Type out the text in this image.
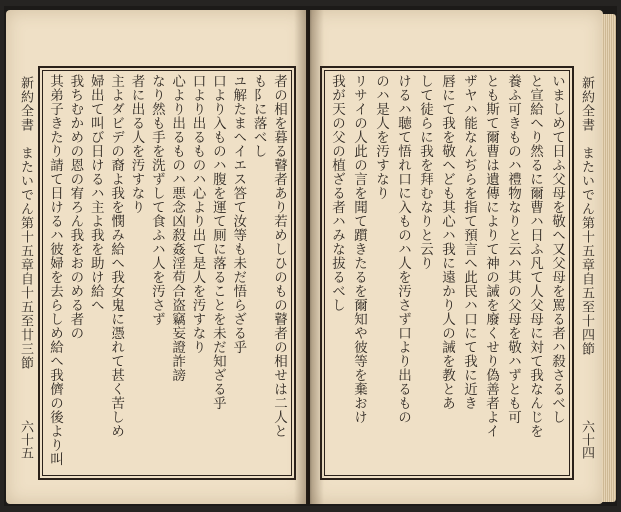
新約全書　またいでん第十五章自十五至廿三節
六十五
者の相を暮る瞽者あり若めしひのもの瞽者の相せは二人と
も阝に落べし
ユ解たまへイエス答て汝等も未だ悟らざる乎
口より入ものハ腹を運て厠に落ることを未だ知ざる乎
口より出るものハ心より出て是人を汚すなり
心より出るものハ悪念凶殺姦淫苟合盗竊妄證詐謗
なり然も手を洗ずして食ふハ人を汚さず
者に出る人を汚すなり
主よダビデの裔よ我を憫み給へ我女鬼に憑れて甚く苦しめ
婦出て叫び日けるハ主よ我を助け給へ
我ちむかめの恩の宥ろん我をおのめる者の
其弟子きたり請て日けるハ彼婦を去らしめ給へ我儕の後より叫	いましめて日ふ父母を敬へ又父母を罵る者ハ殺さるべし
と宣給へり然るに爾曹ハ日ふ凡て人父母に対て我なんじを
養ふ可きものハ禮物なりと云ハ其の父母を敬ハずとも可
とも斯て爾曹は遺傳によりて神の誡を廢くせり偽善者よイ
ザヤハ能なんぢらを指て預言へ此民ハ口にて我に近き
唇にて我を敬へども其心ハ我に遠かり人の誡を教とあ
して徒らに我を拜むなりと云り
けるハ聴て悟れ口に入ものハ人を汚さず口より出るもの
のハ是人を汚すなり
リサイの人此の言を聞て躓きたるを爾知や彼等を棄おけ
我が天の父の植ざる者ハみな拔るべし	新約全書　またいでん第十五章自五至十四節
六十四
